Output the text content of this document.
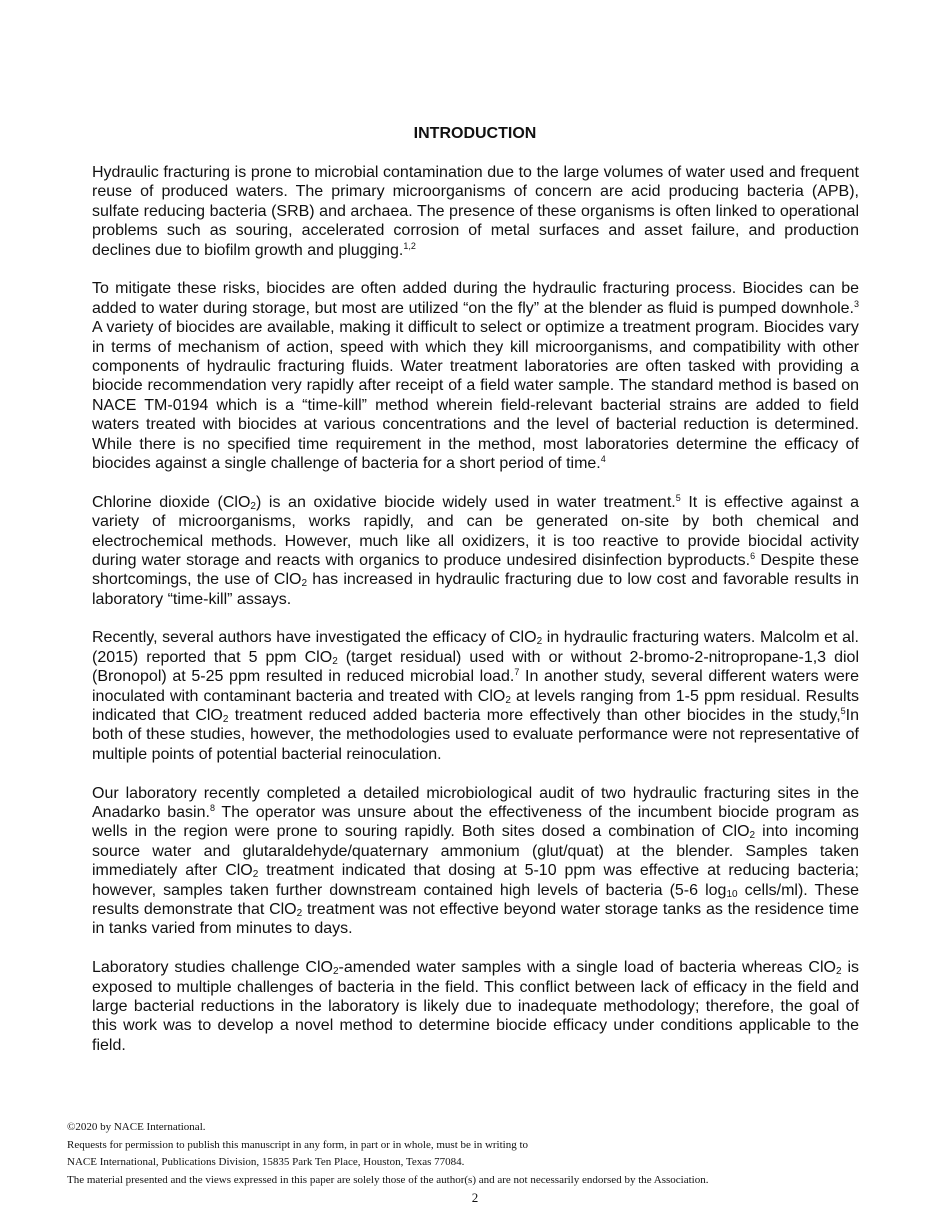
INTRODUCTION

Hydraulic fracturing is prone to microbial contamination due to the large volumes of water used and frequent reuse of produced waters. The primary microorganisms of concern are acid producing bacteria (APB), sulfate reducing bacteria (SRB) and archaea. The presence of these organisms is often linked to operational problems such as souring, accelerated corrosion of metal surfaces and asset failure, and production declines due to biofilm growth and plugging.$^{1,2}$

To mitigate these risks, biocides are often added during the hydraulic fracturing process. Biocides can be added to water during storage, but most are utilized “on the fly” at the blender as fluid is pumped downhole.$^3$ A variety of biocides are available, making it difficult to select or optimize a treatment program. Biocides vary in terms of mechanism of action, speed with which they kill microorganisms, and compatibility with other components of hydraulic fracturing fluids. Water treatment laboratories are often tasked with providing a biocide recommendation very rapidly after receipt of a field water sample. The standard method is based on NACE TM-0194 which is a “time-kill” method wherein field-relevant bacterial strains are added to field waters treated with biocides at various concentrations and the level of bacterial reduction is determined. While there is no specified time requirement in the method, most laboratories determine the efficacy of biocides against a single challenge of bacteria for a short period of time.$^4$

Chlorine dioxide (ClO$_2$) is an oxidative biocide widely used in water treatment.$^5$ It is effective against a variety of microorganisms, works rapidly, and can be generated on-site by both chemical and electrochemical methods. However, much like all oxidizers, it is too reactive to provide biocidal activity during water storage and reacts with organics to produce undesired disinfection byproducts.$^6$ Despite these shortcomings, the use of ClO$_2$ has increased in hydraulic fracturing due to low cost and favorable results in laboratory “time-kill” assays.

Recently, several authors have investigated the efficacy of ClO$_2$ in hydraulic fracturing waters. Malcolm et al. (2015) reported that 5 ppm ClO$_2$ (target residual) used with or without 2-bromo-2-nitropropane-1,3 diol (Bronopol) at 5-25 ppm resulted in reduced microbial load.$^7$ In another study, several different waters were inoculated with contaminant bacteria and treated with ClO$_2$ at levels ranging from 1-5 ppm residual. Results indicated that ClO$_2$ treatment reduced added bacteria more effectively than other biocides in the study,$^5$In both of these studies, however, the methodologies used to evaluate performance were not representative of multiple points of potential bacterial reinoculation.

Our laboratory recently completed a detailed microbiological audit of two hydraulic fracturing sites in the Anadarko basin.$^8$ The operator was unsure about the effectiveness of the incumbent biocide program as wells in the region were prone to souring rapidly. Both sites dosed a combination of ClO$_2$ into incoming source water and glutaraldehyde/quaternary ammonium (glut/quat) at the blender. Samples taken immediately after ClO$_2$ treatment indicated that dosing at 5-10 ppm was effective at reducing bacteria; however, samples taken further downstream contained high levels of bacteria (5-6 $\log_{10}$ cells/ml). These results demonstrate that ClO$_2$ treatment was not effective beyond water storage tanks as the residence time in tanks varied from minutes to days.

Laboratory studies challenge ClO$_2$-amended water samples with a single load of bacteria whereas ClO$_2$ is exposed to multiple challenges of bacteria in the field. This conflict between lack of efficacy in the field and large bacterial reductions in the laboratory is likely due to inadequate methodology; therefore, the goal of this work was to develop a novel method to determine biocide efficacy under conditions applicable to the field.

©2020 by NACE International.
Requests for permission to publish this manuscript in any form, in part or in whole, must be in writing to
NACE International, Publications Division, 15835 Park Ten Place, Houston, Texas 77084.
The material presented and the views expressed in this paper are solely those of the author(s) and are not necessarily endorsed by the Association.
2
